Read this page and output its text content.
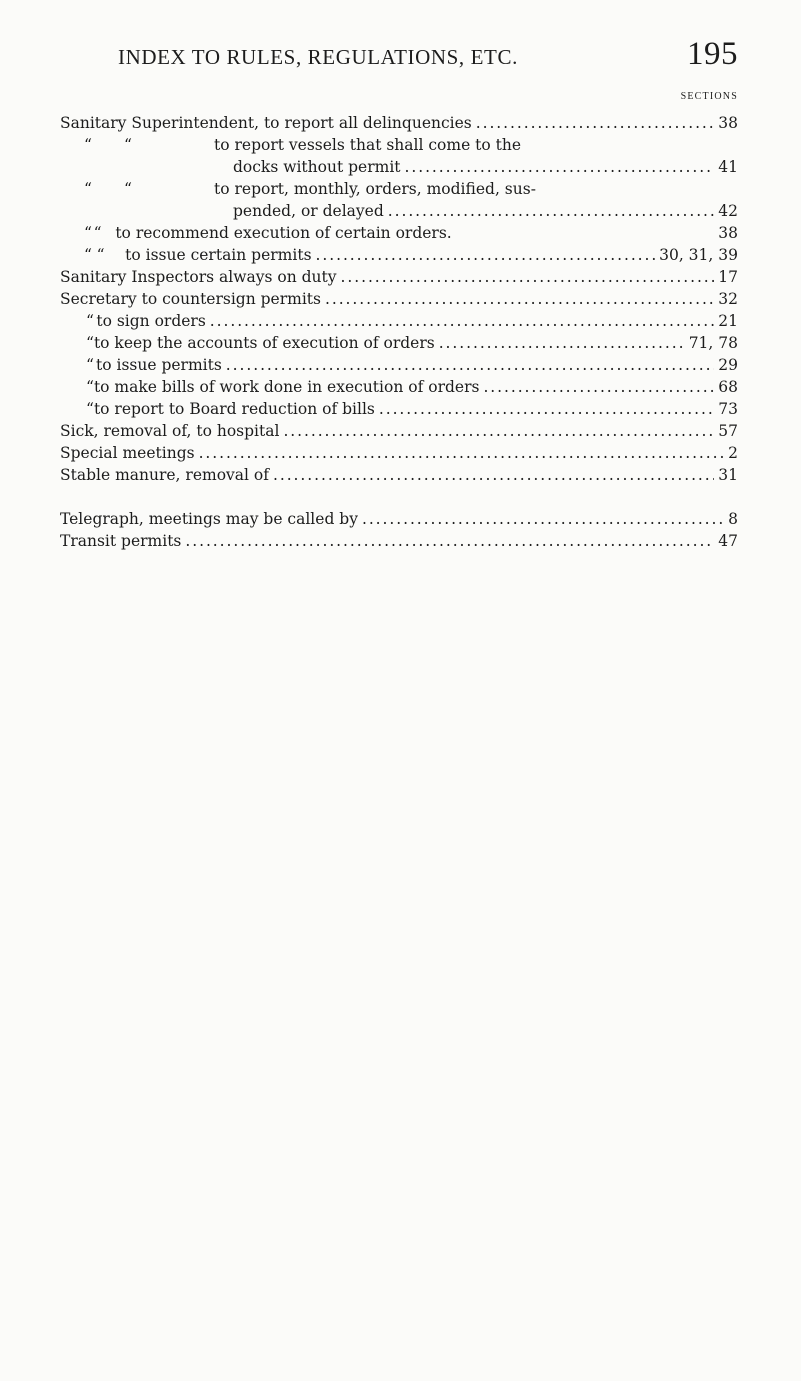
INDEX TO RULES, REGULATIONS, ETC.	195
SECTIONS
Sanitary Superintendent, to report all delinquencies . . .	38
“	“	to report vessels that shall come to the
docks without permit . . .	41
“	“	to report, monthly, orders, modified, sus-
pended, or delayed . . .	42
“ “ to recommend execution of certain orders.	38
“ “	to issue certain permits . . .	30, 31, 39
Sanitary Inspectors always on duty . . .	17
Secretary to countersign permits . . .	32
“ to sign orders . . .	21
“ to keep the accounts of execution of orders . . .	71, 78
“ to issue permits . . .	29
“ to make bills of work done in execution of orders . . .	68
“ to report to Board reduction of bills . . .	73
Sick, removal of, to hospital . . .	57
Special meetings . . .	2
Stable manure, removal of . . .	31
Telegraph, meetings may be called by . . .	8
Transit permits . . .	47
